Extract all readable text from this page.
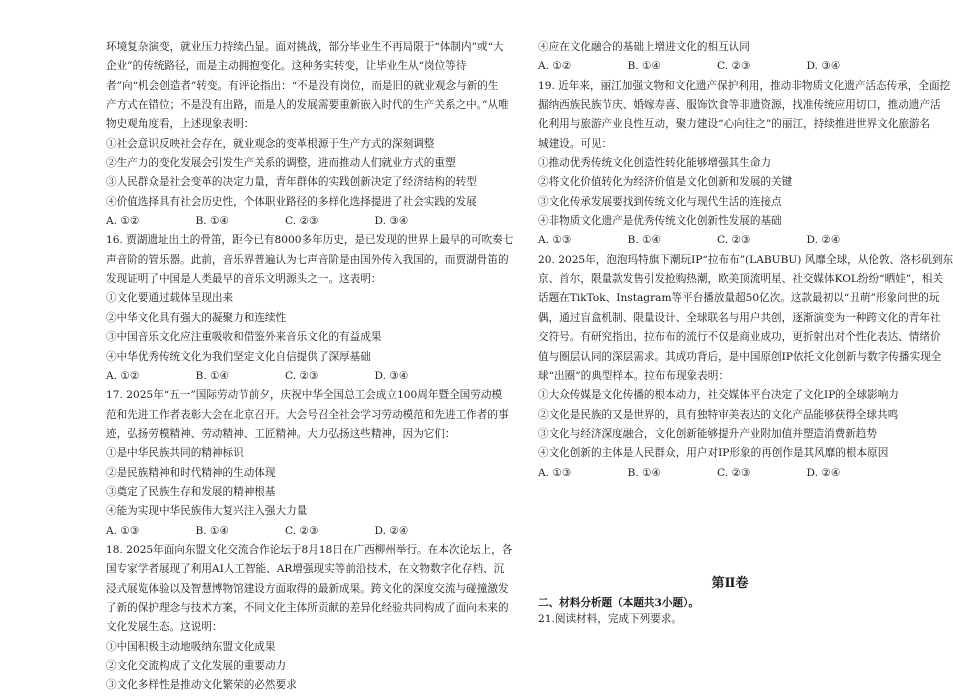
环境复杂演变，就业压力持续凸显。面对挑战，部分毕业生不再局限于“体制内”或“大
企业”的传统路径，而是主动拥抱变化。这种务实转变，让毕业生从“岗位等待
者”向“机会创造者”转变。有评论指出：“不是没有岗位，而是旧的就业观念与新的生
产方式在错位；不是没有出路，而是人的发展需要重新嵌入时代的生产关系之中。”从唯
物史观角度看，上述现象表明：
①社会意识反映社会存在，就业观念的变革根源于生产方式的深刻调整
②生产力的变化发展会引发生产关系的调整，进而推动人们就业方式的重塑
③人民群众是社会变革的决定力量，青年群体的实践创新决定了经济结构的转型
④价值选择具有社会历史性，个体职业路径的多样化选择提进了社会实践的发展
A. ①②	B. ①④	C. ②③	D. ③④
16. 贾湖遗址出土的骨笛，距今已有8000多年历史，是已发现的世界上最早的可吹奏七
声音阶的管乐器。此前，音乐界普遍认为七声音阶是由国外传入我国的，而贾湖骨笛的
发现证明了中国是人类最早的音乐文明源头之一。这表明：
①文化要通过载体呈现出来
②中华文化具有强大的凝聚力和连续性
③中国音乐文化应注重吸收和借鉴外来音乐文化的有益成果
④中华优秀传统文化为我们坚定文化自信提供了深厚基础
A. ①②	B. ①④	C. ②③	D. ③④
17. 2025年“五一”国际劳动节前夕，庆祝中华全国总工会成立100周年暨全国劳动模
范和先进工作者表彰大会在北京召开。大会号召全社会学习劳动模范和先进工作者的事
迹，弘扬劳模精神、劳动精神、工匠精神。大力弘扬这些精神，因为它们：
①是中华民族共同的精神标识
②是民族精神和时代精神的生动体现
③奠定了民族生存和发展的精神根基
④能为实现中华民族伟大复兴注入强大力量
A. ①③	B. ①④	C. ②③	D. ②④
18. 2025年面向东盟文化交流合作论坛于8月18日在广西柳州举行。在本次论坛上，各
国专家学者展现了利用AI人工智能、AR增强现实等前沿技术，在文物数字化存档、沉
浸式展览体验以及智慧博物馆建设方面取得的最新成果。跨文化的深度交流与碰撞激发
了新的保护理念与技术方案，不同文化主体所贡献的差异化经验共同构成了面向未来的
文化发展生态。这说明：
①中国积极主动地吸纳东盟文化成果
②文化交流构成了文化发展的重要动力
③文化多样性是推动文化繁荣的必然要求
④应在文化融合的基础上增进文化的相互认同
A. ①②	B. ①④	C. ②③	D. ③④
19. 近年来，丽江加强文物和文化遗产保护利用，推动非物质文化遗产活态传承，全面挖
掘纳西族民族节庆、婚嫁寿喜、服饰饮食等非遗资源，找准传统应用切口，推动遗产活
化利用与旅游产业良性互动，聚力建设“心向往之”的丽江，持续推进世界文化旅游名
城建设。可见：
①推动优秀传统文化创造性转化能够增强其生命力
②将文化价值转化为经济价值是文化创新和发展的关键
③文化传承发展要找到传统文化与现代生活的连接点
④非物质文化遗产是优秀传统文化创新性发展的基础
A. ①③	B. ①④	C. ②③	D. ②④
20. 2025年，泡泡玛特旗下潮玩IP“拉布布”(LABUBU) 风靡全球，从伦敦、洛杉矶到东
京、首尔，限量款发售引发抢购热潮，欧美顶流明星、社交媒体KOL纷纷“晒娃”，相关
话题在TikTok、Instagram等平台播放量超50亿次。这款最初以“丑萌”形象问世的玩
偶，通过盲盒机制、限量设计、全球联名与用户共创，逐渐演变为一种跨文化的青年社
交符号。有研究指出，拉布布的流行不仅是商业成功，更折射出对个性化表达、情绪价
值与圈层认同的深层需求。其成功背后，是中国原创IP依托文化创新与数字传播实现全
球“出圈”的典型样本。拉布布现象表明：
①大众传媒是文化传播的根本动力，社交媒体平台决定了文化IP的全球影响力
②文化是民族的又是世界的，具有独特审美表达的文化产品能够获得全球共鸣
③文化与经济深度融合，文化创新能够提升产业附加值并塑造消费新趋势
④文化创新的主体是人民群众，用户对IP形象的再创作是其风靡的根本原因
A. ①③	B. ①④	C. ②③	D. ②④
第Ⅱ卷
二、材料分析题（本题共3小题）。
21.阅读材料，完成下列要求。
